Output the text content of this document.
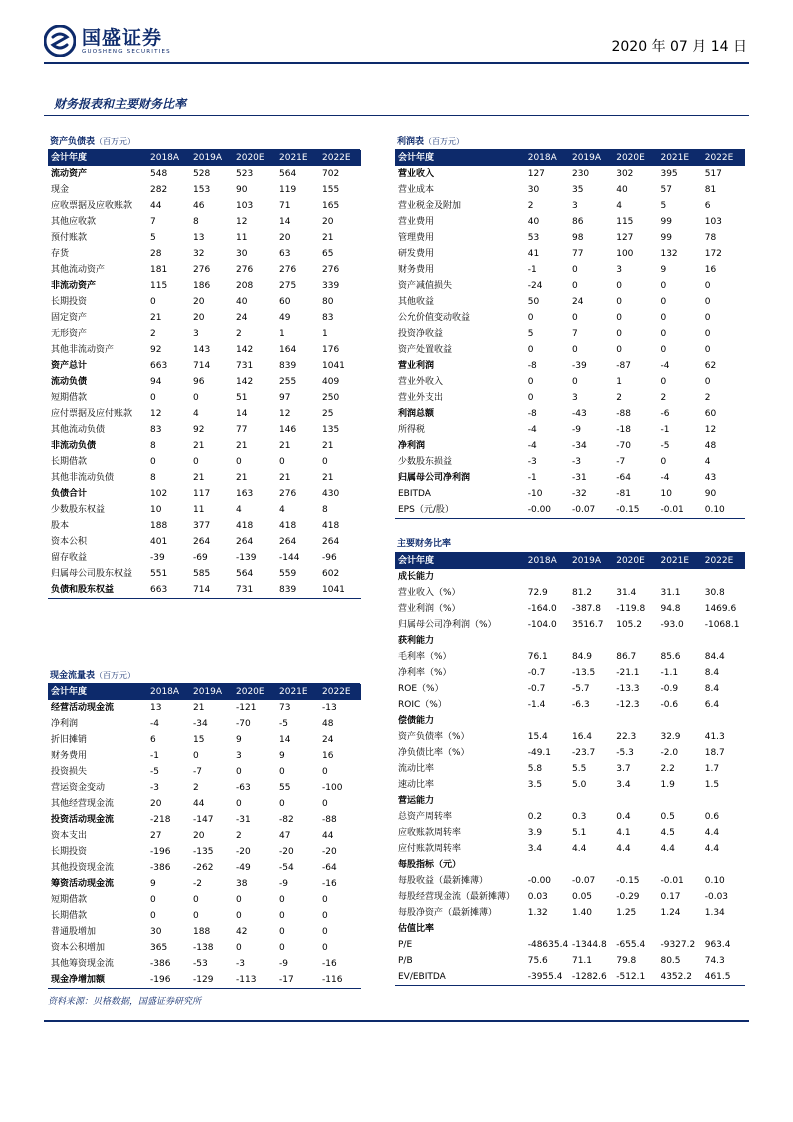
国盛证券
GUOSHENG SECURITIES	2020 年 07 月 14 日
财务报表和主要财务比率
资产负债表（百万元）
会计年度	2018A	2019A	2020E	2021E	2022E
流动资产	548	528	523	564	702
现金	282	153	90	119	155
应收票据及应收账款	44	46	103	71	165
其他应收款	7	8	12	14	20
预付账款	5	13	11	20	21
存货	28	32	30	63	65
其他流动资产	181	276	276	276	276
非流动资产	115	186	208	275	339
长期投资	0	20	40	60	80
固定资产	21	20	24	49	83
无形资产	2	3	2	1	1
其他非流动资产	92	143	142	164	176
资产总计	663	714	731	839	1041
流动负债	94	96	142	255	409
短期借款	0	0	51	97	250
应付票据及应付账款	12	4	14	12	25
其他流动负债	83	92	77	146	135
非流动负债	8	21	21	21	21
长期借款	0	0	0	0	0
其他非流动负债	8	21	21	21	21
负债合计	102	117	163	276	430
少数股东权益	10	11	4	4	8
股本	188	377	418	418	418
资本公积	401	264	264	264	264
留存收益	-39	-69	-139	-144	-96
归属母公司股东权益	551	585	564	559	602
负债和股东权益	663	714	731	839	1041
现金流量表（百万元）
会计年度	2018A	2019A	2020E	2021E	2022E
经营活动现金流	13	21	-121	73	-13
净利润	-4	-34	-70	-5	48
折旧摊销	6	15	9	14	24
财务费用	-1	0	3	9	16
投资损失	-5	-7	0	0	0
营运资金变动	-3	2	-63	55	-100
其他经营现金流	20	44	0	0	0
投资活动现金流	-218	-147	-31	-82	-88
资本支出	27	20	2	47	44
长期投资	-196	-135	-20	-20	-20
其他投资现金流	-386	-262	-49	-54	-64
筹资活动现金流	9	-2	38	-9	-16
短期借款	0	0	0	0	0
长期借款	0	0	0	0	0
普通股增加	30	188	42	0	0
资本公积增加	365	-138	0	0	0
其他筹资现金流	-386	-53	-3	-9	-16
现金净增加额	-196	-129	-113	-17	-116
利润表（百万元）
会计年度	2018A	2019A	2020E	2021E	2022E
营业收入	127	230	302	395	517
营业成本	30	35	40	57	81
营业税金及附加	2	3	4	5	6
营业费用	40	86	115	99	103
管理费用	53	98	127	99	78
研发费用	41	77	100	132	172
财务费用	-1	0	3	9	16
资产减值损失	-24	0	0	0	0
其他收益	50	24	0	0	0
公允价值变动收益	0	0	0	0	0
投资净收益	5	7	0	0	0
资产处置收益	0	0	0	0	0
营业利润	-8	-39	-87	-4	62
营业外收入	0	0	1	0	0
营业外支出	0	3	2	2	2
利润总额	-8	-43	-88	-6	60
所得税	-4	-9	-18	-1	12
净利润	-4	-34	-70	-5	48
少数股东损益	-3	-3	-7	0	4
归属母公司净利润	-1	-31	-64	-4	43
EBITDA	-10	-32	-81	10	90
EPS（元/股）	-0.00	-0.07	-0.15	-0.01	0.10
主要财务比率
会计年度	2018A	2019A	2020E	2021E	2022E
成长能力					
营业收入（%）	72.9	81.2	31.4	31.1	30.8
营业利润（%）	-164.0	-387.8	-119.8	94.8	1469.6
归属母公司净利润（%）	-104.0	3516.7	105.2	-93.0	-1068.1
获利能力					
毛利率（%）	76.1	84.9	86.7	85.6	84.4
净利率（%）	-0.7	-13.5	-21.1	-1.1	8.4
ROE（%）	-0.7	-5.7	-13.3	-0.9	8.4
ROIC（%）	-1.4	-6.3	-12.3	-0.6	6.4
偿债能力					
资产负债率（%）	15.4	16.4	22.3	32.9	41.3
净负债比率（%）	-49.1	-23.7	-5.3	-2.0	18.7
流动比率	5.8	5.5	3.7	2.2	1.7
速动比率	3.5	5.0	3.4	1.9	1.5
营运能力					
总资产周转率	0.2	0.3	0.4	0.5	0.6
应收账款周转率	3.9	5.1	4.1	4.5	4.4
应付账款周转率	3.4	4.4	4.4	4.4	4.4
每股指标（元）					
每股收益（最新摊薄）	-0.00	-0.07	-0.15	-0.01	0.10
每股经营现金流（最新摊薄）	0.03	0.05	-0.29	0.17	-0.03
每股净资产（最新摊薄）	1.32	1.40	1.25	1.24	1.34
估值比率					
P/E	-48635.4	-1344.8	-655.4	-9327.2	963.4
P/B	75.6	71.1	79.8	80.5	74.3
EV/EBITDA	-3955.4	-1282.6	-512.1	4352.2	461.5
资料来源：贝格数据，国盛证券研究所
